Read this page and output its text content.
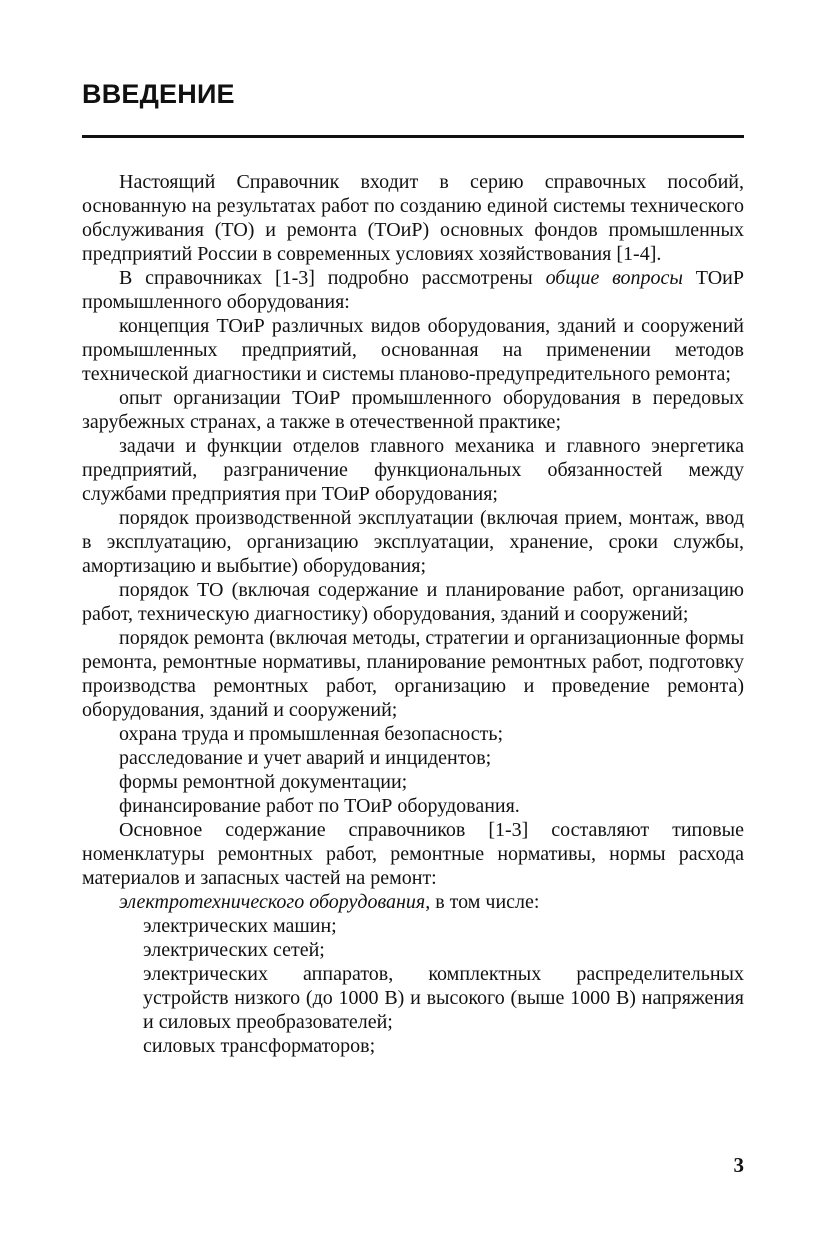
ВВЕДЕНИЕ

Настоящий Справочник входит в серию справочных пособий, основанную на результатах работ по созданию единой системы технического обслуживания (ТО) и ремонта (ТОиР) основных фондов промышленных предприятий России в современных условиях хозяйствования [1-4].

В справочниках [1-3] подробно рассмотрены общие вопросы ТОиР промышленного оборудования:

концепция ТОиР различных видов оборудования, зданий и сооружений промышленных предприятий, основанная на применении методов технической диагностики и системы планово-предупредительного ремонта;

опыт организации ТОиР промышленного оборудования в передовых зарубежных странах, а также в отечественной практике;

задачи и функции отделов главного механика и главного энергетика предприятий, разграничение функциональных обязанностей между службами предприятия при ТОиР оборудования;

порядок производственной эксплуатации (включая прием, монтаж, ввод в эксплуатацию, организацию эксплуатации, хранение, сроки службы, амортизацию и выбытие) оборудования;

порядок ТО (включая содержание и планирование работ, организацию работ, техническую диагностику) оборудования, зданий и сооружений;

порядок ремонта (включая методы, стратегии и организационные формы ремонта, ремонтные нормативы, планирование ремонтных работ, подготовку производства ремонтных работ, организацию и проведение ремонта) оборудования, зданий и сооружений;

охрана труда и промышленная безопасность;

расследование и учет аварий и инцидентов;

формы ремонтной документации;

финансирование работ по ТОиР оборудования.

Основное содержание справочников [1-3] составляют типовые номенклатуры ремонтных работ, ремонтные нормативы, нормы расхода материалов и запасных частей на ремонт:

электротехнического оборудования, в том числе:

электрических машин;

электрических сетей;

электрических аппаратов, комплектных распределительных устройств низкого (до 1000 В) и высокого (выше 1000 В) напряжения и силовых преобразователей;

силовых трансформаторов;

3
